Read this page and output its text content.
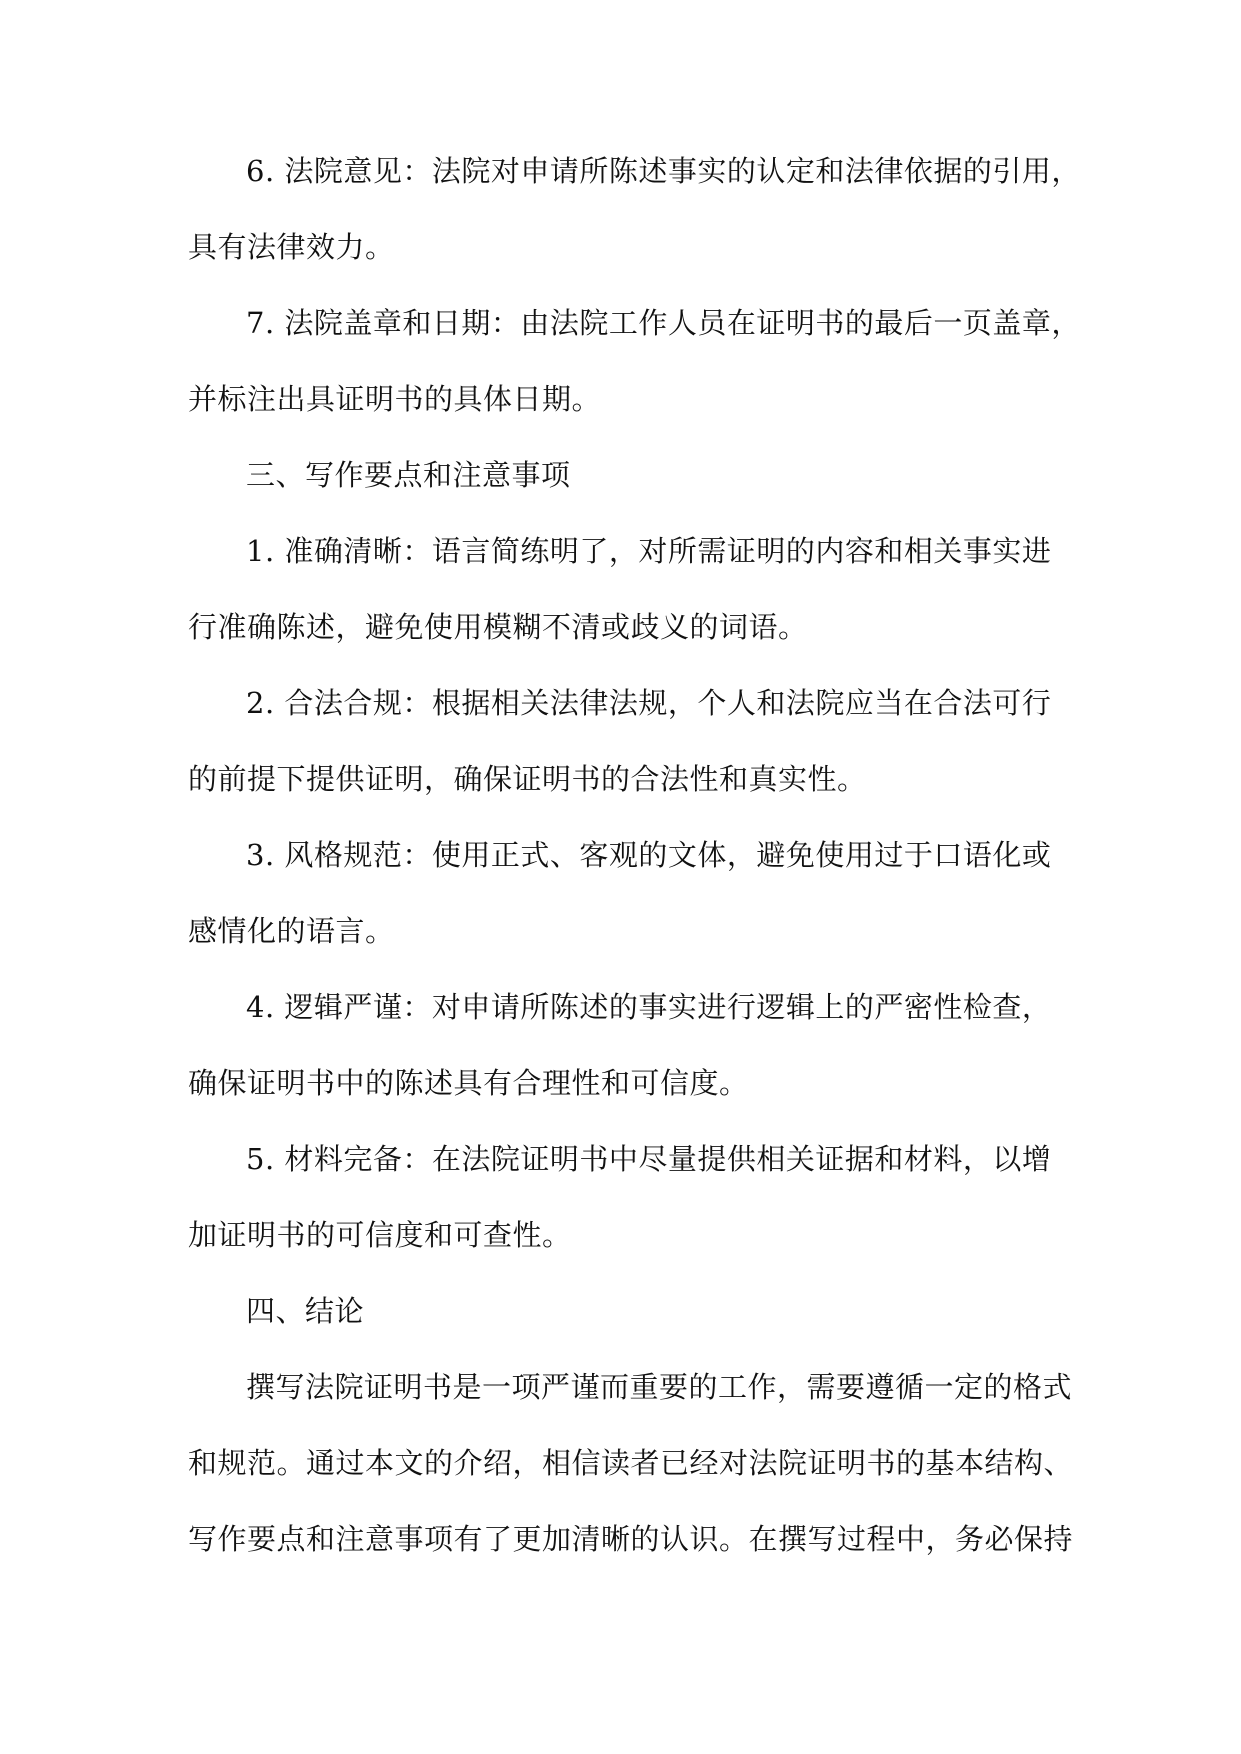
6. 法院意见：法院对申请所陈述事实的认定和法律依据的引用，
具有法律效力。
7. 法院盖章和日期：由法院工作人员在证明书的最后一页盖章，
并标注出具证明书的具体日期。
三、写作要点和注意事项
1. 准确清晰：语言简练明了，对所需证明的内容和相关事实进
行准确陈述，避免使用模糊不清或歧义的词语。
2. 合法合规：根据相关法律法规，个人和法院应当在合法可行
的前提下提供证明，确保证明书的合法性和真实性。
3. 风格规范：使用正式、客观的文体，避免使用过于口语化或
感情化的语言。
4. 逻辑严谨：对申请所陈述的事实进行逻辑上的严密性检查，
确保证明书中的陈述具有合理性和可信度。
5. 材料完备：在法院证明书中尽量提供相关证据和材料，以增
加证明书的可信度和可查性。
四、结论
撰写法院证明书是一项严谨而重要的工作，需要遵循一定的格式
和规范。通过本文的介绍，相信读者已经对法院证明书的基本结构、
写作要点和注意事项有了更加清晰的认识。在撰写过程中，务必保持
